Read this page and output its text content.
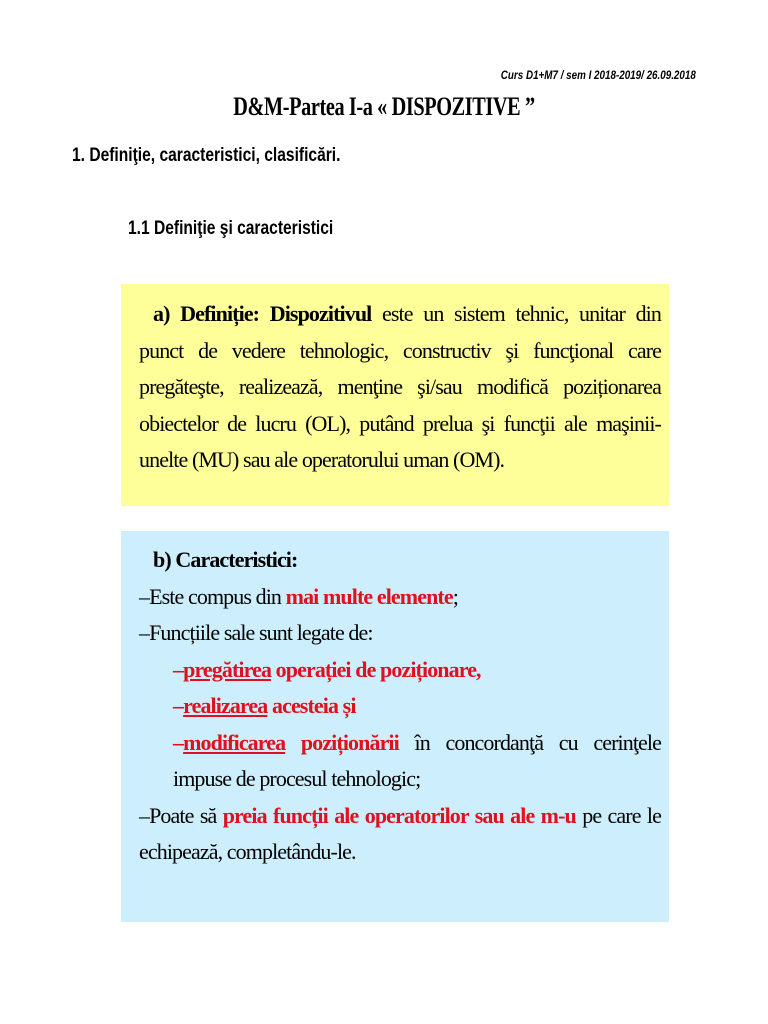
Curs D1+M7 / sem I 2018-2019/ 26.09.2018
D&M-Partea I-a « DISPOZITIVE ”
1. Definiţie, caracteristici, clasificări.
1.1 Definiţie şi caracteristici
a) Definiție: Dispozitivul este un sistem tehnic, unitar din punct de vedere tehnologic, constructiv şi funcţional care pregăteşte, realizează, menţine şi/sau modifică poziționarea obiectelor de lucru (OL), putând prelua şi funcţii ale maşinii-unelte (MU) sau ale operatorului uman (OM).
b) Caracteristici:
–Este compus din mai multe elemente;
–Funcțiile sale sunt legate de:
–pregătirea operației de poziționare,
–realizarea acesteia și
–modificarea poziționării în concordanţă cu cerinţele impuse de procesul tehnologic;
–Poate să preia funcții ale operatorilor sau ale m-u pe care le echipează, completându-le.
